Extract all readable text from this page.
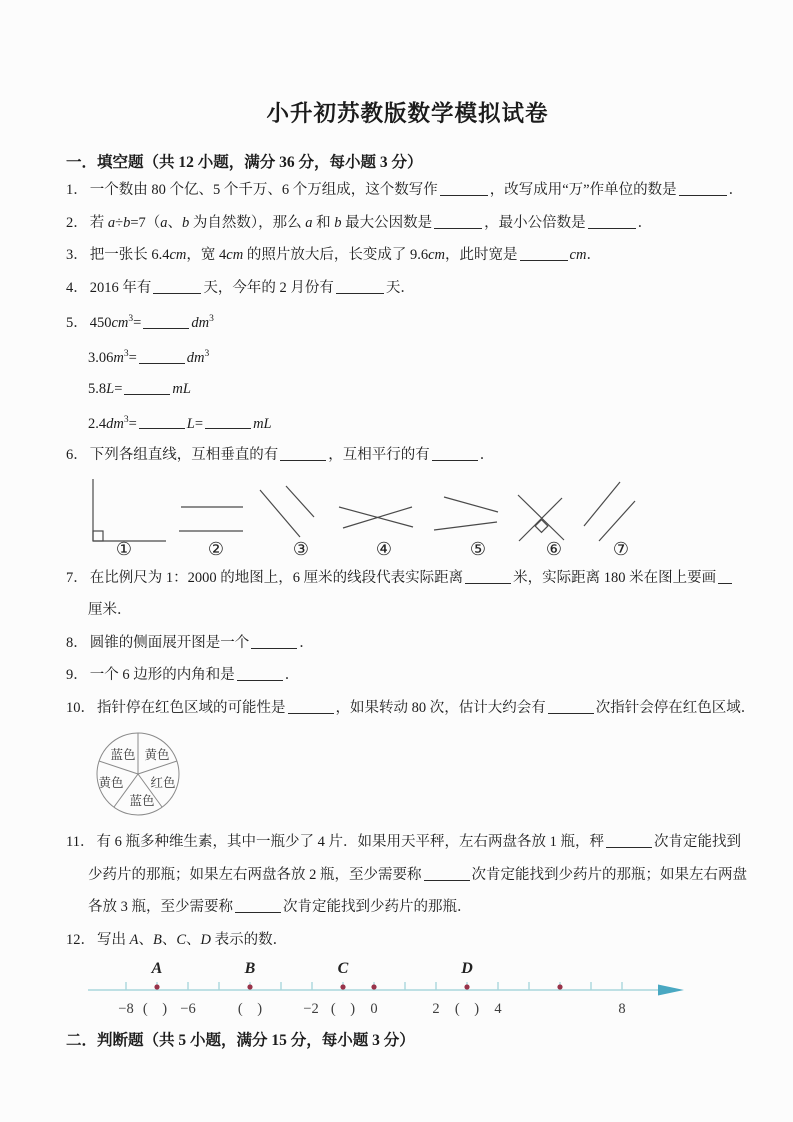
小升初苏教版数学模拟试卷
一．填空题（共 12 小题，满分 36 分，每小题 3 分）

1． 一个数由 80 个亿、5 个千万、6 个万组成，这个数写作	，改写成用“万”作单位的数是	．

2． 若 a÷b=7（a、b 为自然数），那么 a 和 b 最大公因数是	，最小公倍数是	．

3． 把一张长 6.4cm，宽 4cm 的照片放大后，长变成了 9.6cm，此时宽是	cm．

4． 2016 年有	天，今年的 2 月份有	天．

5． $450cm^3=$	$dm^3$

$3.06m^3=$	$dm^3$

5.8L=	mL

$2.4dm^3=$	L=	mL

6． 下列各组直线，互相垂直的有	，互相平行的有	．

①	②	③	④	⑤	⑥	⑦

7． 在比例尺为 1：2000 的地图上，6 厘米的线段代表实际距离	米，实际距离 180 米在图上要画

厘米．

8． 圆锥的侧面展开图是一个	．

9． 一个 6 边形的内角和是	．

10． 指针停在红色区域的可能性是	，如果转动 80 次，估计大约会有	次指针会停在红色区域．

蓝色 黄色
红色
蓝色
黄色

11． 有 6 瓶多种维生素，其中一瓶少了 4 片．如果用天平秤，左右两盘各放 1 瓶，秤	次肯定能找到

少药片的那瓶；如果左右两盘各放 2 瓶，至少需要称	次肯定能找到少药片的那瓶；如果左右两盘

各放 3 瓶，至少需要称	次肯定能找到少药片的那瓶．

12． 写出 A、B、C、D 表示的数．

A	B	C	D
−8 (　) −6	(　)	−2 (　) 0	2 (　) 4	8
二．判断题（共 5 小题，满分 15 分，每小题 3 分）
